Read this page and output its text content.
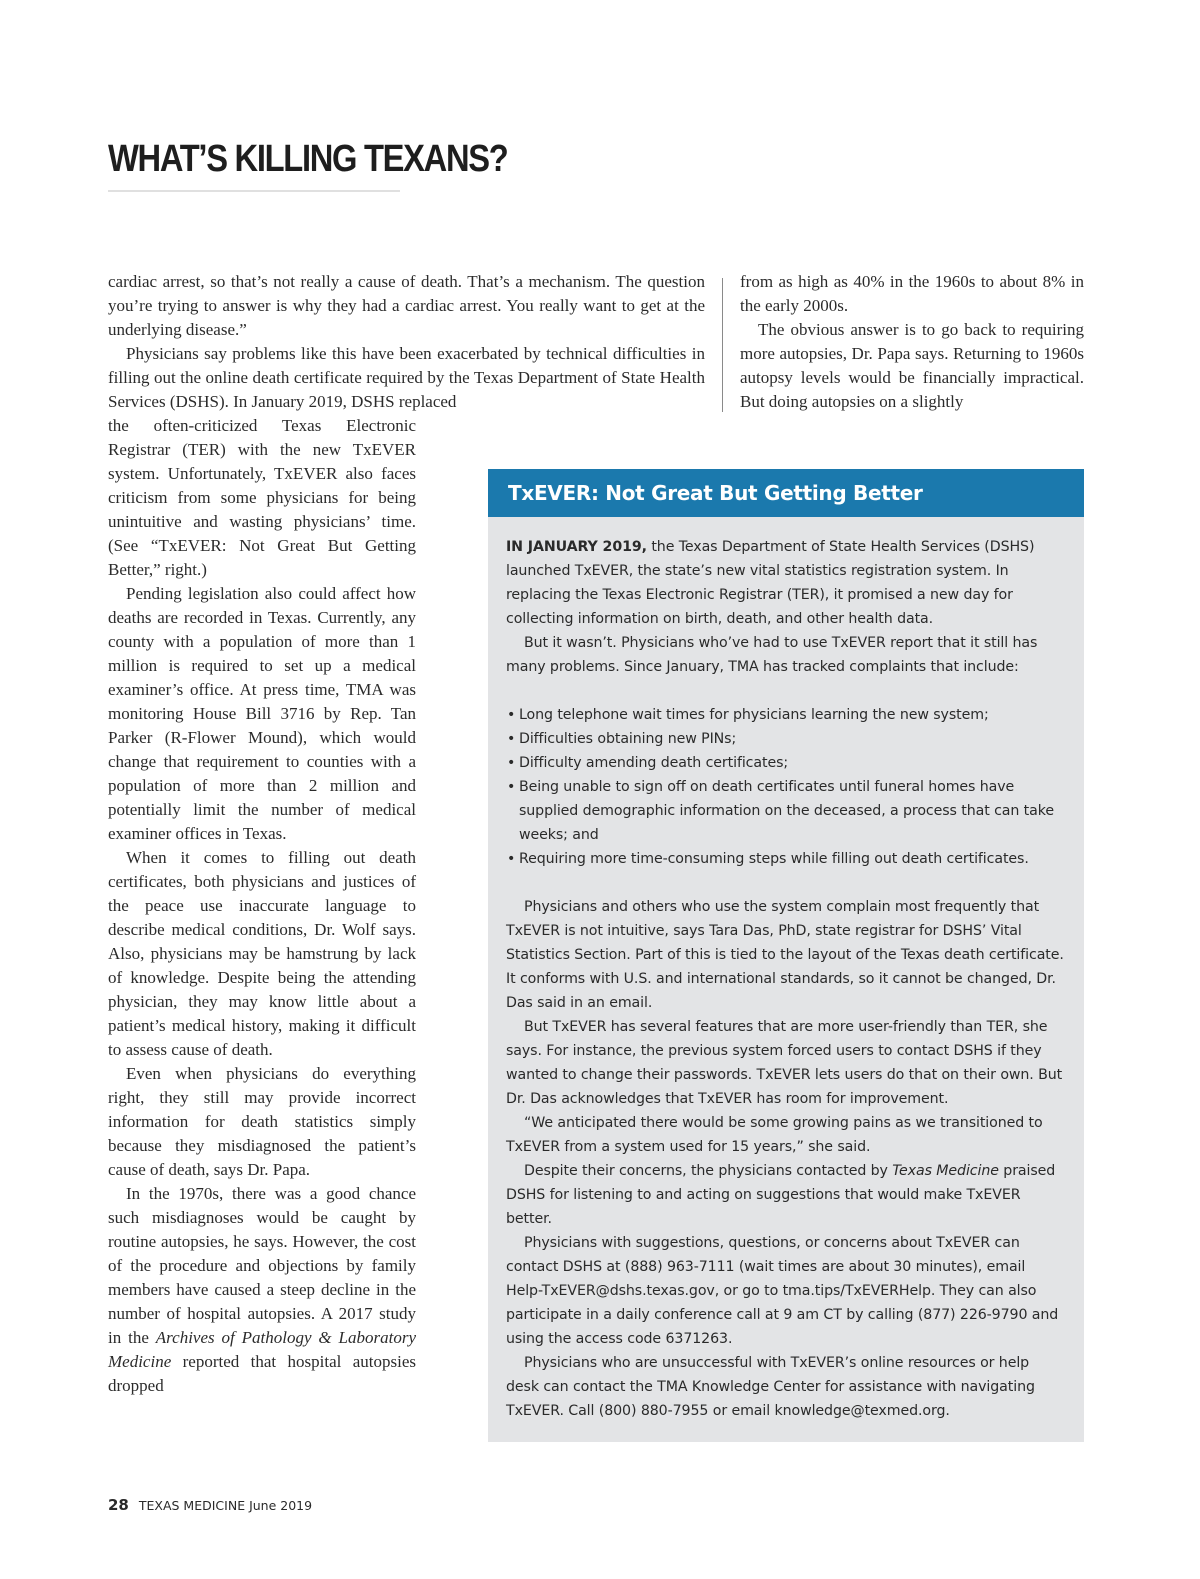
WHAT’S KILLING TEXANS?

cardiac arrest, so that’s not really a cause of death. That’s a mechanism. The question you’re trying to answer is why they had a cardiac arrest. You really want to get at the underlying disease.”

Physicians say problems like this have been exacerbated by technical difficulties in filling out the online death certificate required by the Texas Department of State Health Services (DSHS). In January 2019, DSHS replaced

from as high as 40% in the 1960s to about 8% in the early 2000s.

The obvious answer is to go back to requiring more autopsies, Dr. Papa says. Returning to 1960s autopsy levels would be financially impractical. But doing autopsies on a slightly

the often-criticized Texas Electronic Registrar (TER) with the new TxEVER system. Unfortunately, TxEVER also faces criticism from some physicians for being unintuitive and wasting physicians’ time. (See “TxEVER: Not Great But Getting Better,” right.)

Pending legislation also could affect how deaths are recorded in Texas. Currently, any county with a population of more than 1 million is required to set up a medical examiner’s office. At press time, TMA was monitoring House Bill 3716 by Rep. Tan Parker (R-Flower Mound), which would change that requirement to counties with a population of more than 2 million and potentially limit the number of medical examiner offices in Texas.

When it comes to filling out death certificates, both physicians and justices of the peace use inaccurate language to describe medical conditions, Dr. Wolf says. Also, physicians may be hamstrung by lack of knowledge. Despite being the attending physician, they may know little about a patient’s medical history, making it difficult to assess cause of death.

Even when physicians do everything right, they still may provide incorrect information for death statistics simply because they misdiagnosed the patient’s cause of death, says Dr. Papa.

In the 1970s, there was a good chance such misdiagnoses would be caught by routine autopsies, he says. However, the cost of the procedure and objections by family members have caused a steep decline in the number of hospital autopsies. A 2017 study in the Archives of Pathology & Laboratory Medicine reported that hospital autopsies dropped

TxEVER: Not Great But Getting Better

IN JANUARY 2019, the Texas Department of State Health Services (DSHS) launched TxEVER, the state’s new vital statistics registration system. In replacing the Texas Electronic Registrar (TER), it promised a new day for collecting information on birth, death, and other health data.

But it wasn’t. Physicians who’ve had to use TxEVER report that it still has many problems. Since January, TMA has tracked complaints that include:

• Long telephone wait times for physicians learning the new system;
• Difficulties obtaining new PINs;
• Difficulty amending death certificates;
• Being unable to sign off on death certificates until funeral homes have supplied demographic information on the deceased, a process that can take weeks; and
• Requiring more time-consuming steps while filling out death certificates.

Physicians and others who use the system complain most frequently that TxEVER is not intuitive, says Tara Das, PhD, state registrar for DSHS’ Vital Statistics Section. Part of this is tied to the layout of the Texas death certificate. It conforms with U.S. and international standards, so it cannot be changed, Dr. Das said in an email.

But TxEVER has several features that are more user-friendly than TER, she says. For instance, the previous system forced users to contact DSHS if they wanted to change their passwords. TxEVER lets users do that on their own. But Dr. Das acknowledges that TxEVER has room for improvement.

“We anticipated there would be some growing pains as we transitioned to TxEVER from a system used for 15 years,” she said.

Despite their concerns, the physicians contacted by Texas Medicine praised DSHS for listening to and acting on suggestions that would make TxEVER better.

Physicians with suggestions, questions, or concerns about TxEVER can contact DSHS at (888) 963-7111 (wait times are about 30 minutes), email Help-TxEVER@dshs.texas.gov, or go to tma.tips/TxEVERHelp. They can also participate in a daily conference call at 9 am CT by calling (877) 226-9790 and using the access code 6371263.

Physicians who are unsuccessful with TxEVER’s online resources or help desk can contact the TMA Knowledge Center for assistance with navigating TxEVER. Call (800) 880-7955 or email knowledge@texmed.org.

28 TEXAS MEDICINE June 2019
